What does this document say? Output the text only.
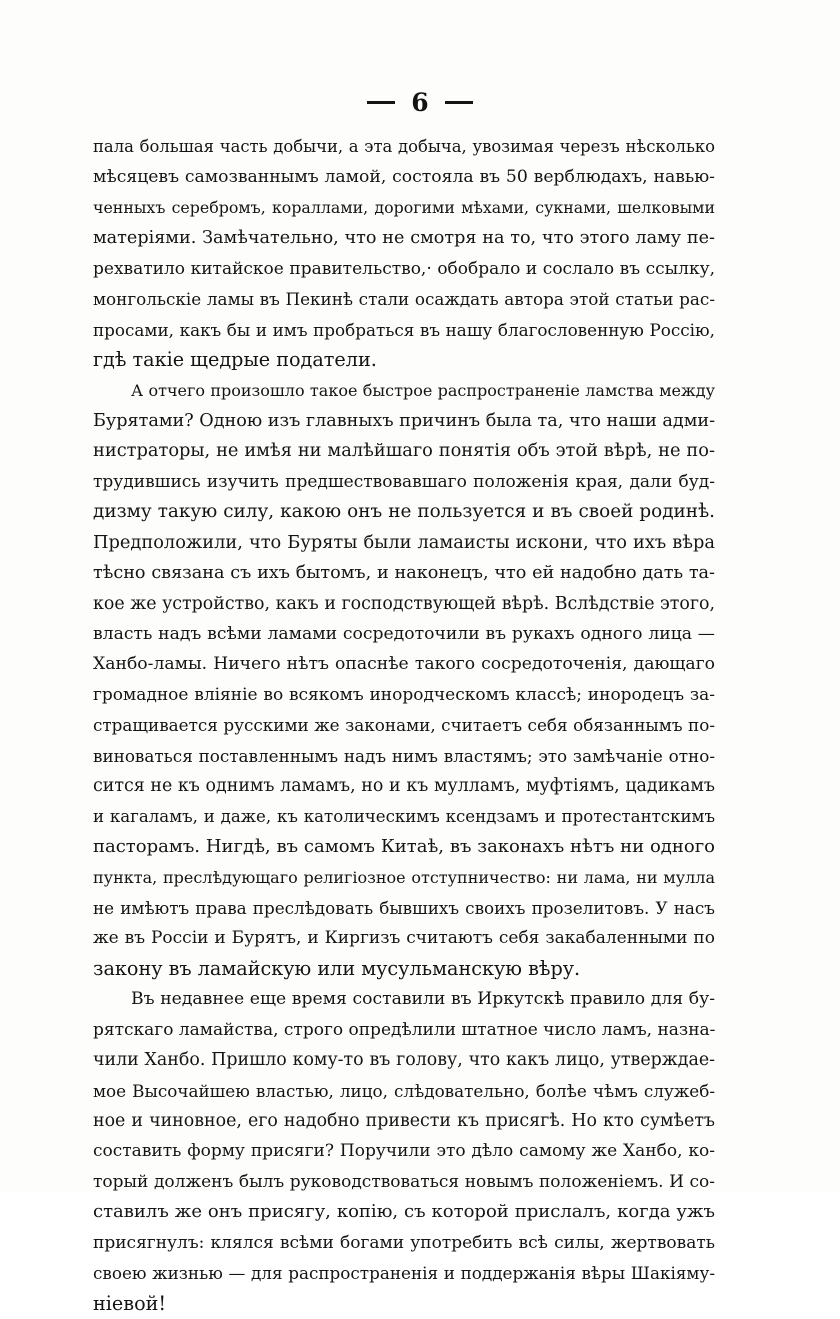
6
пала большая часть добычи, а эта добыча, увозимая черезъ нѣсколько
мѣсяцевъ самозваннымъ ламой, состояла въ 50 верблюдахъ, навью-
ченныхъ серебромъ, кораллами, дорогими мѣхами, сукнами, шелковыми
матеріями. Замѣчательно, что не смотря на то, что этого ламу пе-
рехватило китайское правительство,· обобрало и сослало въ ссылку,
монгольскіе ламы въ Пекинѣ стали осаждать автора этой статьи рас-
просами, какъ бы и имъ пробраться въ нашу благословенную Россію,
гдѣ такіе щедрые податели.
А отчего произошло такое быстрое распространеніе ламства между
Бурятами? Одною изъ главныхъ причинъ была та, что наши адми-
нистраторы, не имѣя ни малѣйшаго понятія объ этой вѣрѣ, не по-
трудившись изучить предшествовавшаго положенія края, дали буд-
дизму такую силу, какою онъ не пользуется и въ своей родинѣ.
Предположили, что Буряты были ламаисты искони, что ихъ вѣра
тѣсно связана съ ихъ бытомъ, и наконецъ, что ей надобно дать та-
кое же устройство, какъ и господствующей вѣрѣ. Вслѣдствіе этого,
власть надъ всѣми ламами сосредоточили въ рукахъ одного лица —
Ханбо-ламы. Ничего нѣтъ опаснѣе такого сосредоточенія, дающаго
громадное вліяніе во всякомъ инородческомъ классѣ; инородецъ за-
стращивается русскими же законами, считаетъ себя обязаннымъ по-
виноваться поставленнымъ надъ нимъ властямъ; это замѣчаніе отно-
сится не къ однимъ ламамъ, но и къ мулламъ, муфтіямъ, цадикамъ
и кагаламъ, и даже, къ католическимъ ксендзамъ и протестантскимъ
пасторамъ. Нигдѣ, въ самомъ Китаѣ, въ законахъ нѣтъ ни одного
пункта, преслѣдующаго религіозное отступничество: ни лама, ни мулла
не имѣютъ права преслѣдовать бывшихъ своихъ прозелитовъ. У насъ
же въ Россіи и Бурятъ, и Киргизъ считаютъ себя закабаленными по
закону въ ламайскую или мусульманскую вѣру.
Въ недавнее еще время составили въ Иркутскѣ правило для бу-
рятскаго ламайства, строго опредѣлили штатное число ламъ, назна-
чили Ханбо. Пришло кому-то въ голову, что какъ лицо, утверждае-
мое Высочайшею властью, лицо, слѣдовательно, болѣе чѣмъ служеб-
ное и чиновное, его надобно привести къ присягѣ. Но кто сумѣетъ
составить форму присяги? Поручили это дѣло самому же Ханбо, ко-
торый долженъ былъ руководствоваться новымъ положеніемъ. И со-
ставилъ же онъ присягу, копію, съ которой прислалъ, когда ужъ
присягнулъ: клялся всѣми богами употребить всѣ силы, жертвовать
своею жизнью — для распространенія и поддержанія вѣры Шакіяму-
ніевой!
